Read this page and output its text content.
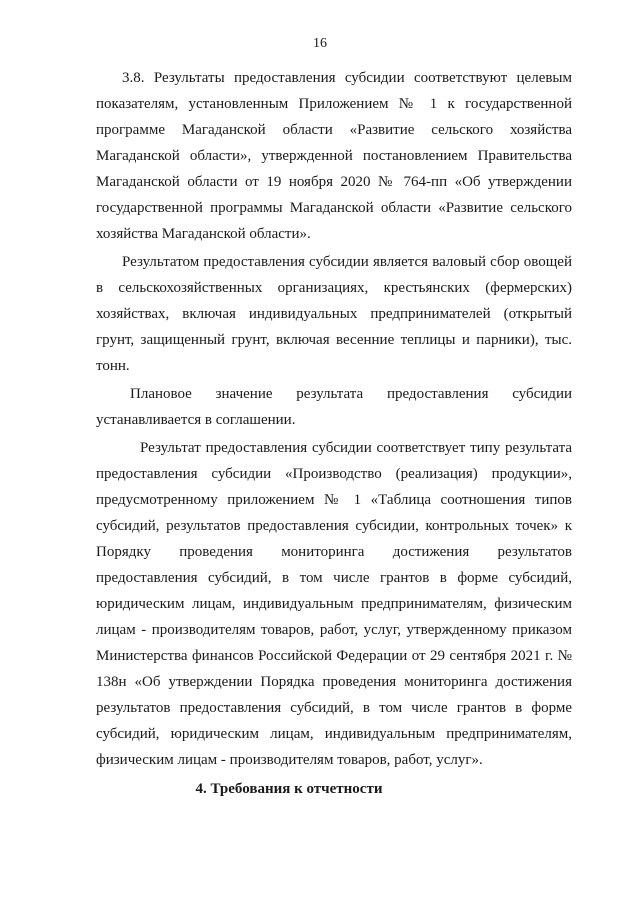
16
3.8. Результаты предоставления субсидии соответствуют целевым
показателям, установленным Приложением № 1 к государственной
программе Магаданской области «Развитие сельского хозяйства
Магаданской области», утвержденной постановлением Правительства
Магаданской области от 19 ноября 2020 № 764-пп «Об утверждении
государственной программы Магаданской области «Развитие сельского
хозяйства Магаданской области».
Результатом предоставления субсидии является валовый сбор овощей
в сельскохозяйственных организациях, крестьянских (фермерских)
хозяйствах, включая индивидуальных предпринимателей (открытый
грунт, защищенный грунт, включая весенние теплицы и парники), тыс.
тонн.
Плановое значение результата предоставления субсидии
устанавливается в соглашении.
Результат предоставления субсидии соответствует типу результата
предоставления субсидии «Производство (реализация) продукции»,
предусмотренному приложением № 1 «Таблица соотношения типов
субсидий, результатов предоставления субсидии, контрольных точек» к
Порядку проведения мониторинга достижения результатов
предоставления субсидий, в том числе грантов в форме субсидий,
юридическим лицам, индивидуальным предпринимателям, физическим
лицам - производителям товаров, работ, услуг, утвержденному приказом
Министерства финансов Российской Федерации от 29 сентября 2021 г. №
138н «Об утверждении Порядка проведения мониторинга достижения
результатов предоставления субсидий, в том числе грантов в форме
субсидий, юридическим лицам, индивидуальным предпринимателям,
физическим лицам - производителям товаров, работ, услуг».
4. Требования к отчетности
